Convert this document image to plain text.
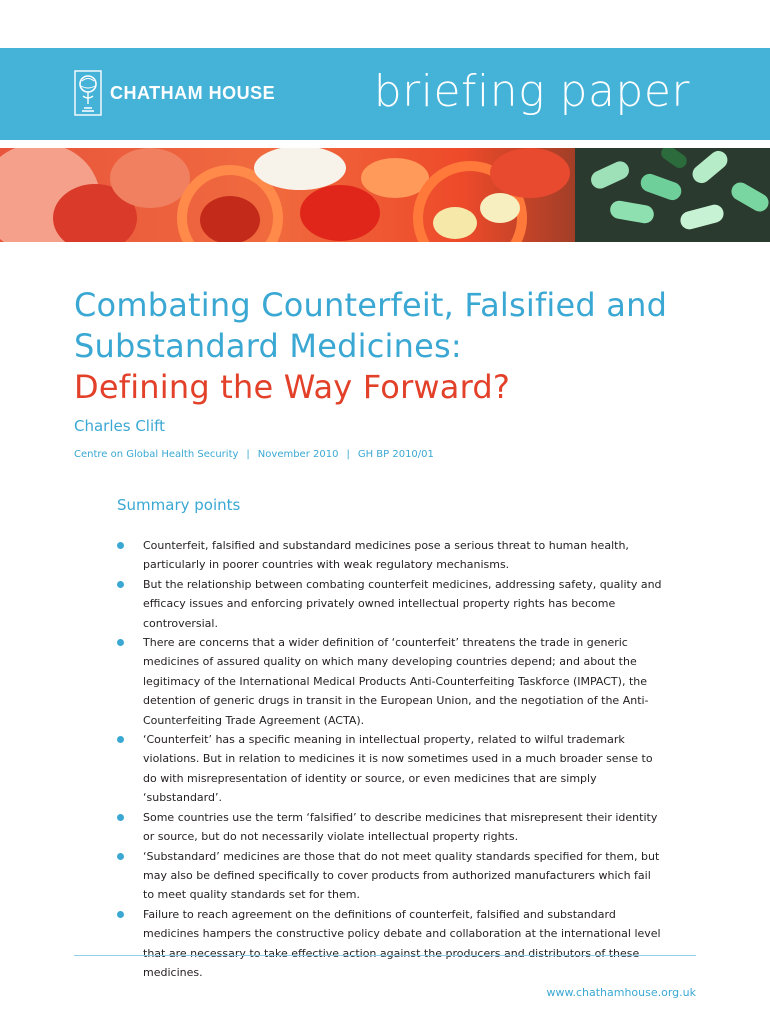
CHATHAM HOUSE briefing paper
Combating Counterfeit, Falsified and
Substandard Medicines:
Defining the Way Forward?
Charles Clift
Centre on Global Health Security | November 2010 | GH BP 2010/01
Summary points
Counterfeit, falsified and substandard medicines pose a serious threat to human health, particularly in poorer countries with weak regulatory mechanisms.
But the relationship between combating counterfeit medicines, addressing safety, quality and efficacy issues and enforcing privately owned intellectual property rights has become controversial.
There are concerns that a wider definition of ‘counterfeit’ threatens the trade in generic medicines of assured quality on which many developing countries depend; and about the legitimacy of the International Medical Products Anti-Counterfeiting Taskforce (IMPACT), the detention of generic drugs in transit in the European Union, and the negotiation of the Anti-Counterfeiting Trade Agreement (ACTA).
‘Counterfeit’ has a specific meaning in intellectual property, related to wilful trademark violations. But in relation to medicines it is now sometimes used in a much broader sense to do with misrepresentation of identity or source, or even medicines that are simply ‘substandard’.
Some countries use the term ‘falsified’ to describe medicines that misrepresent their identity or source, but do not necessarily violate intellectual property rights.
‘Substandard’ medicines are those that do not meet quality standards specified for them, but may also be defined specifically to cover products from authorized manufacturers which fail to meet quality standards set for them.
Failure to reach agreement on the definitions of counterfeit, falsified and substandard medicines hampers the constructive policy debate and collaboration at the international level that are necessary to take effective action against the producers and distributors of these medicines.
www.chathamhouse.org.uk
